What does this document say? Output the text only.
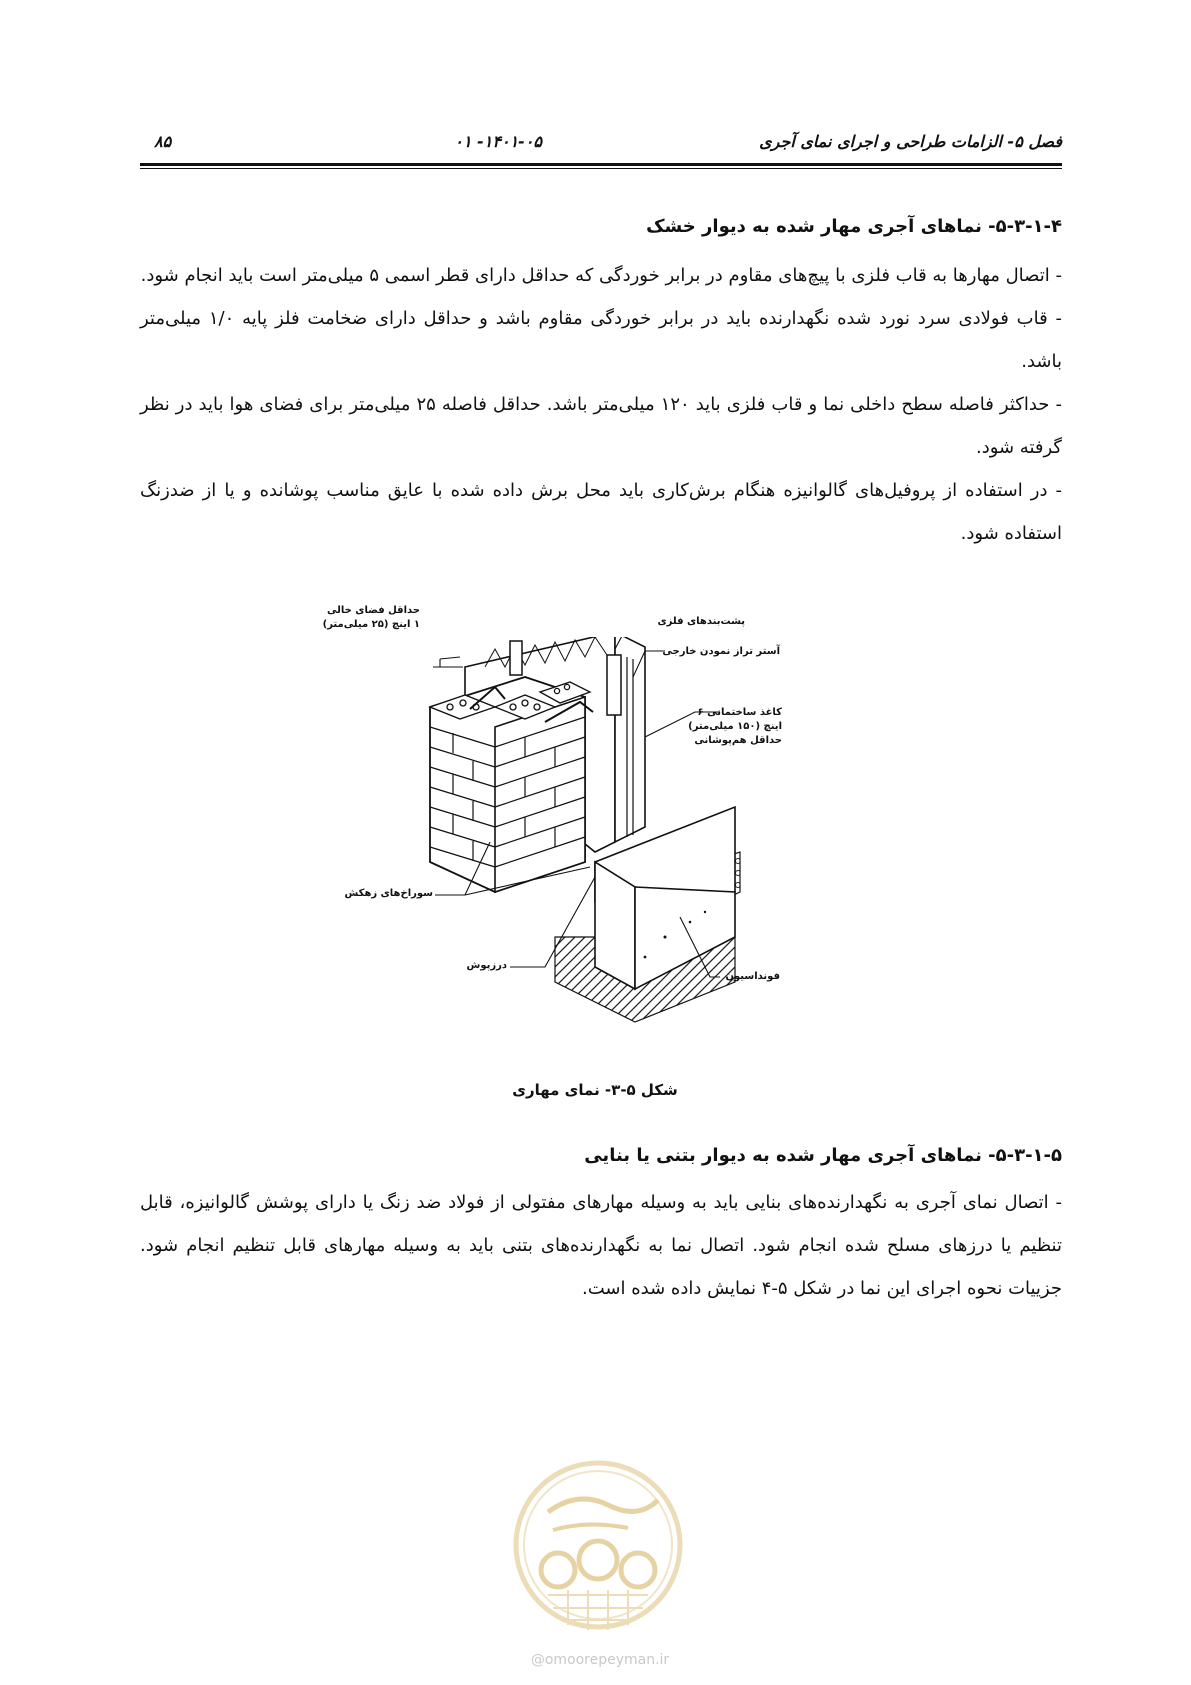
فصل ۵- الزامات طراحی و اجرای نمای آجری
۱۴۰۱-۰۵- ۰۱
۸۵

۵-۳-۱-۴- نماهای آجری مهار شده به دیوار خشک

- اتصال مهارها به قاب فلزی با پیچ‌های مقاوم در برابر خوردگی که حداقل دارای قطر اسمی ۵ میلی‌متر است باید انجام شود.

- قاب فولادی سرد نورد شده نگهدارنده باید در برابر خوردگی مقاوم باشد و حداقل دارای ضخامت فلز پایه ۱/۰ میلی‌متر باشد.

- حداکثر فاصله سطح داخلی نما و قاب فلزی باید ۱۲۰ میلی‌متر باشد. حداقل فاصله ۲۵ میلی‌متر برای فضای هوا باید در نظر گرفته شود.

- در استفاده از پروفیل‌های گالوانیزه هنگام برش‌کاری باید محل برش داده شده با عایق مناسب پوشانده و یا از ضدزنگ استفاده شود.

حداقل فضای خالی
۱ اینچ (۲۵ میلی‌متر)	پشت‌بندهای فلزی
آستر تراز نمودن خارجی
کاغذ ساختمانی ۶
اینچ (۱۵۰ میلی‌متر)
حداقل هم‌پوشانی
سوراخ‌های زهکش
درزپوش
فونداسیون
شکل ۵-۳- نمای مهاری

۵-۳-۱-۵- نماهای آجری مهار شده به دیوار بتنی یا بنایی

- اتصال نمای آجری به نگهدارنده‌های بنایی باید به وسیله مهارهای مفتولی از فولاد ضد زنگ یا دارای پوشش گالوانیزه، قابل تنظیم یا درزهای مسلح شده انجام شود. اتصال نما به نگهدارنده‌های بتنی باید به وسیله مهارهای قابل تنظیم انجام شود. جزییات نحوه اجرای این نما در شکل ۵-۴ نمایش داده شده است.

@omoorepeyman.ir
